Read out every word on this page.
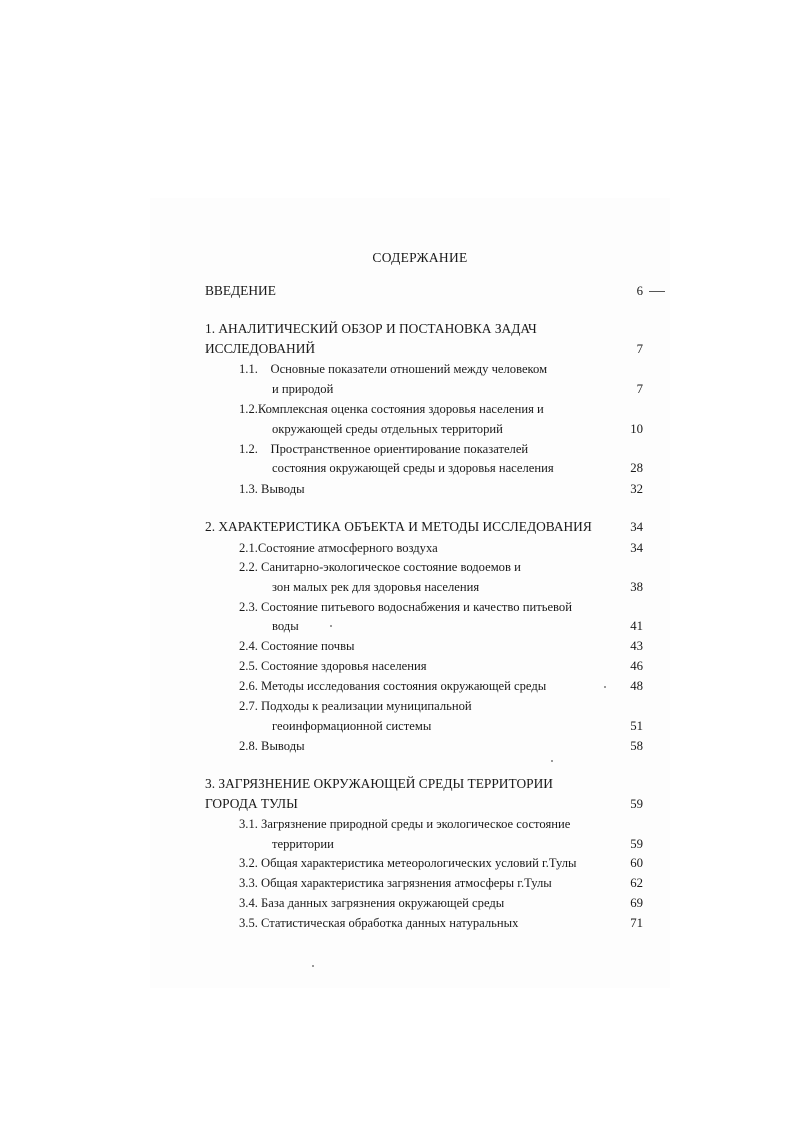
СОДЕРЖАНИЕ
ВВЕДЕНИЕ	6
1. АНАЛИТИЧЕСКИЙ ОБЗОР И ПОСТАНОВКА ЗАДАЧ
ИССЛЕДОВАНИЙ	7
1.1.    Основные показатели отношений между человеком
и природой	7
1.2.Комплексная оценка состояния здоровья населения и
окружающей среды отдельных территорий	10
1.2.    Пространственное ориентирование показателей
состояния окружающей среды и здоровья населения	28
1.3. Выводы	32
2. ХАРАКТЕРИСТИКА ОБЪЕКТА И МЕТОДЫ ИССЛЕДОВАНИЯ	34
2.1.Состояние атмосферного воздуха	34
2.2. Санитарно-экологическое состояние водоемов и
зон малых рек для здоровья населения	38
2.3. Состояние питьевого водоснабжения и качество питьевой
воды	41
2.4. Состояние почвы	43
2.5. Состояние здоровья населения	46
2.6. Методы исследования состояния окружающей среды	48
2.7. Подходы к реализации муниципальной
геоинформационной системы	51
2.8. Выводы	58
3. ЗАГРЯЗНЕНИЕ ОКРУЖАЮЩЕЙ СРЕДЫ ТЕРРИТОРИИ
ГОРОДА ТУЛЫ	59
3.1. Загрязнение природной среды и экологическое состояние
территории	59
3.2. Общая характеристика метеорологических условий г.Тулы	60
3.3. Общая характеристика загрязнения атмосферы г.Тулы	62
3.4. База данных загрязнения окружающей среды	69
3.5. Статистическая обработка данных натуральных	71
